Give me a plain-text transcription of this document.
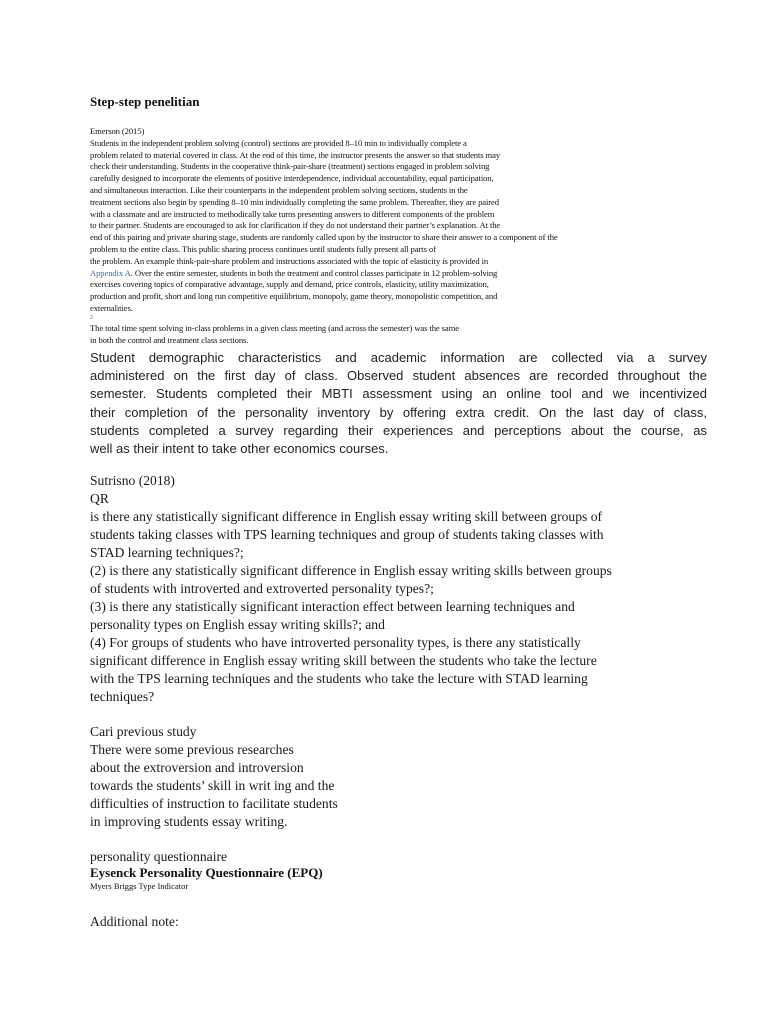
Step-step penelitian
Emerson (2015)
Students in the independent problem solving (control) sections are provided 8–10 min to individually complete a
problem related to material covered in class. At the end of this time, the instructor presents the answer so that students may
check their understanding. Students in the cooperative think-pair-share (treatment) sections engaged in problem solving
carefully designed to incorporate the elements of positive interdependence, individual accountability, equal participation,
and simultaneous interaction. Like their counterparts in the independent problem solving sections, students in the
treatment sections also begin by spending 8–10 min individually completing the same problem. Thereafter, they are paired
with a classmate and are instructed to methodically take turns presenting answers to different components of the problem
to their partner. Students are encouraged to ask for clarification if they do not understand their partner’s explanation. At the
end of this pairing and private sharing stage, students are randomly called upon by the instructor to share their answer to a component of the
problem to the entire class. This public sharing process continues until students fully present all parts of
the problem. An example think-pair-share problem and instructions associated with the topic of elasticity is provided in
Appendix A. Over the entire semester, students in both the treatment and control classes participate in 12 problem-solving
exercises covering topics of comparative advantage, supply and demand, price controls, elasticity, utility maximization,
production and profit, short and long run competitive equilibrium, monopoly, game theory, monopolistic competition, and
externalities.
2
The total time spent solving in-class problems in a given class meeting (and across the semester) was the same
in both the control and treatment class sections.
Student demographic characteristics and academic information are collected via a survey
administered on the first day of class. Observed student absences are recorded throughout the
semester. Students completed their MBTI assessment using an online tool and we incentivized
their completion of the personality inventory by offering extra credit. On the last day of class,
students completed a survey regarding their experiences and perceptions about the course, as
well as their intent to take other economics courses.
Sutrisno (2018)
QR
is there any statistically significant difference in English essay writing skill between groups of
students taking classes with TPS learning techniques and group of students taking classes with
STAD learning techniques?;
(2) is there any statistically significant difference in English essay writing skills between groups
of students with introverted and extroverted personality types?;
(3) is there any statistically significant interaction effect between learning techniques and
personality types on English essay writing skills?; and
(4) For groups of students who have introverted personality types, is there any statistically
significant difference in English essay writing skill between the students who take the lecture
with the TPS learning techniques and the students who take the lecture with STAD learning
techniques?
Cari previous study
There were some previous researches
about the extroversion and introversion
towards the students’ skill in writ ing and the
difficulties of instruction to facilitate students
in improving students essay writing.
personality questionnaire
Eysenck Personality Questionnaire (EPQ)
Myers Briggs Type Indicator
Additional note:
